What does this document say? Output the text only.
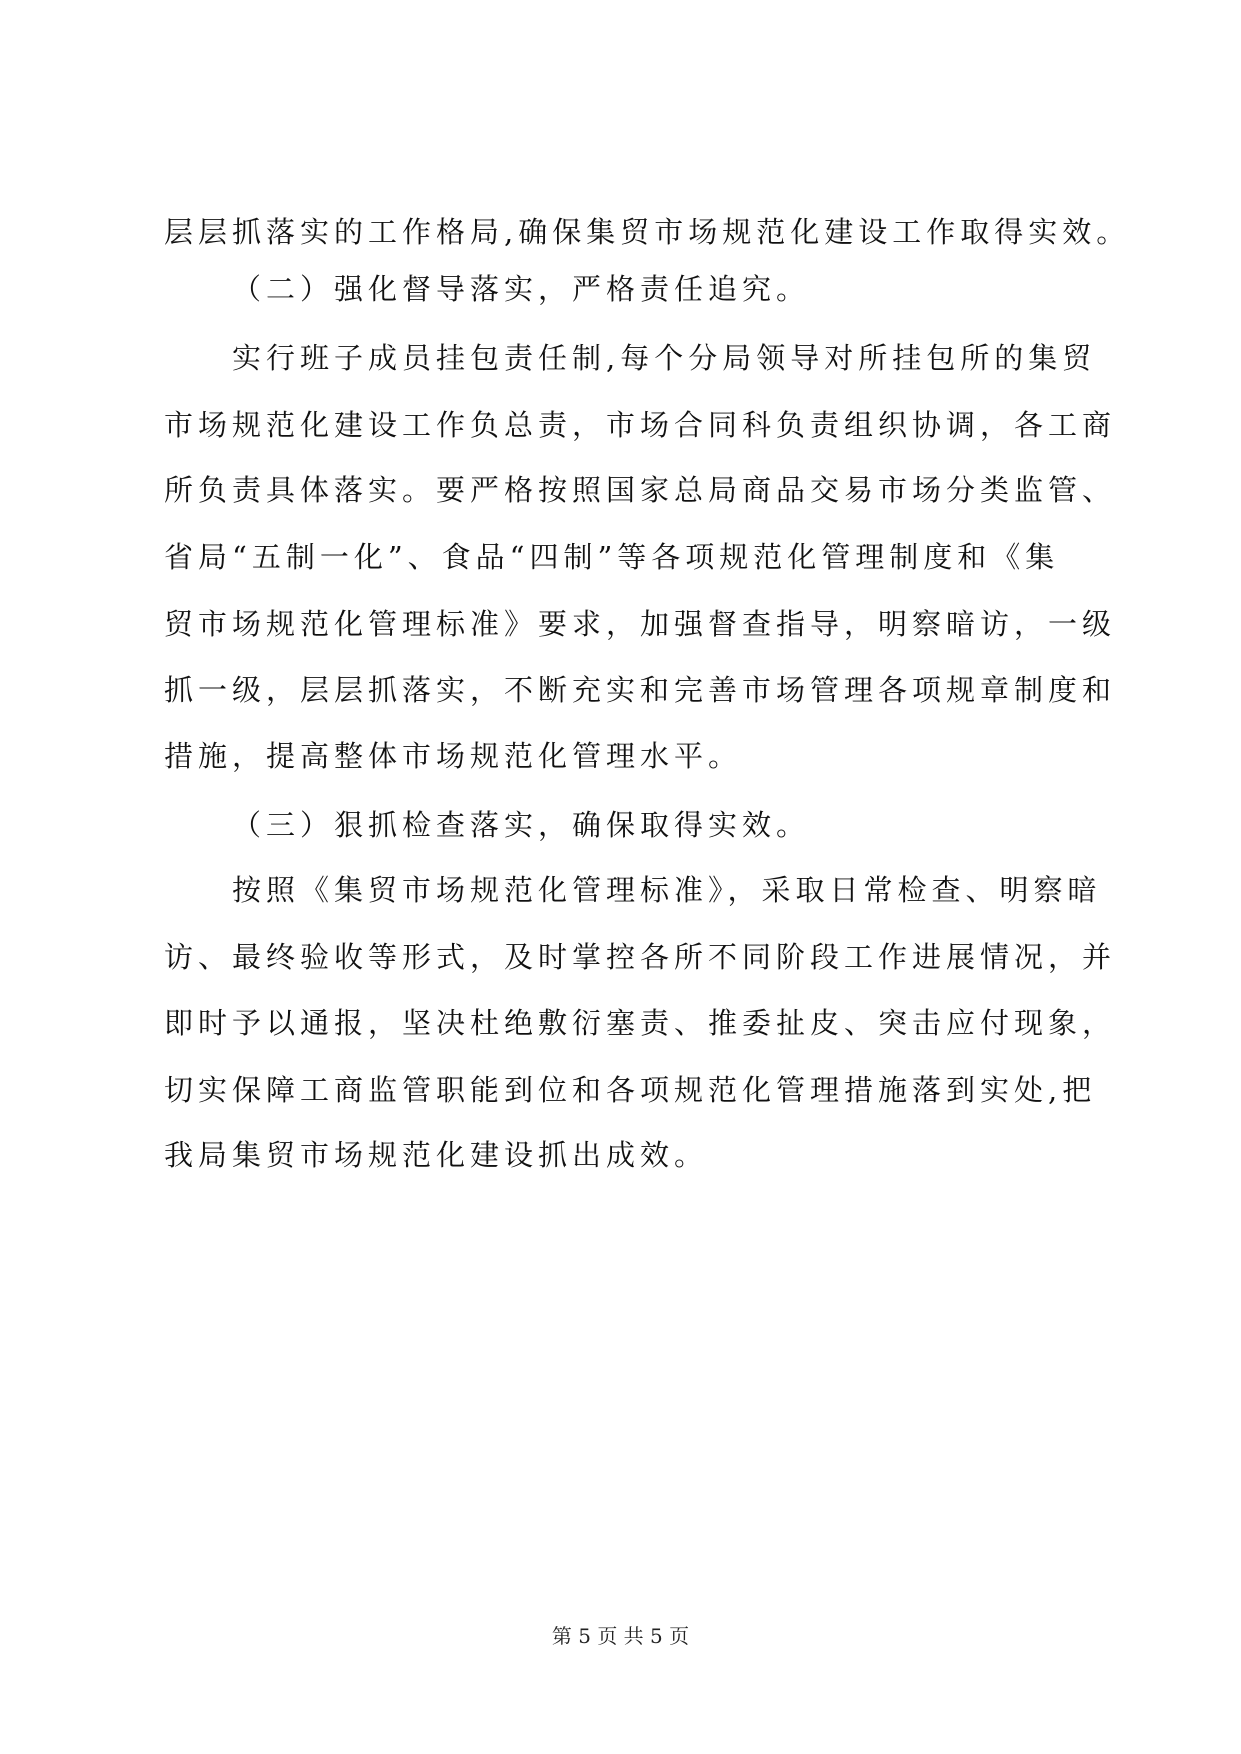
层层抓落实的工作格局,确保集贸市场规范化建设工作取得实效。
（二）强化督导落实，严格责任追究。
实行班子成员挂包责任制,每个分局领导对所挂包所的集贸
市场规范化建设工作负总责，市场合同科负责组织协调，各工商
所负责具体落实。要严格按照国家总局商品交易市场分类监管、
省局“五制一化”、食品“四制”等各项规范化管理制度和《集
贸市场规范化管理标准》要求，加强督查指导，明察暗访，一级
抓一级，层层抓落实，不断充实和完善市场管理各项规章制度和
措施，提高整体市场规范化管理水平。
（三）狠抓检查落实，确保取得实效。
按照《集贸市场规范化管理标准》，采取日常检查、明察暗
访、最终验收等形式，及时掌控各所不同阶段工作进展情况，并
即时予以通报，坚决杜绝敷衍塞责、推委扯皮、突击应付现象，
切实保障工商监管职能到位和各项规范化管理措施落到实处,把
我局集贸市场规范化建设抓出成效。
第 5 页 共 5 页
